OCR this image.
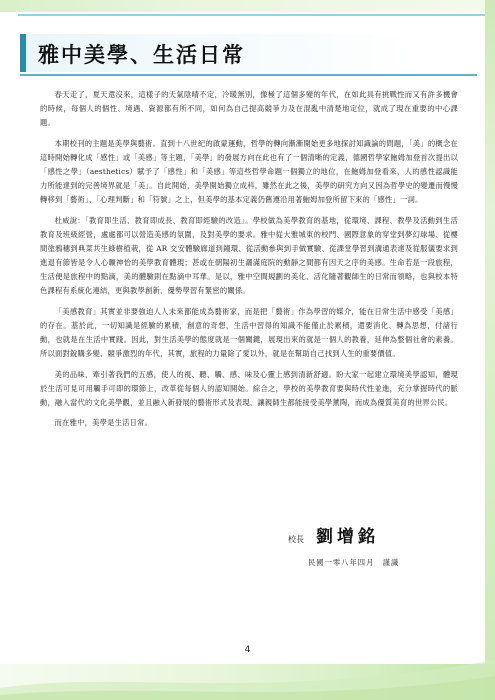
雅中美學、生活日常

春天走了，夏天還沒來，這樣子的天氣陰晴不定，冷暖無別，像極了這個多變的年代，在如此具有挑戰性而又有許多機會的時候，每個人的個性、境遇、資源都有所不同，如何為自己提高競爭力及在混亂中清楚地定位，就成了現在重要的中心課題。

本期校刊的主題是美學與藝術。直到十八世紀的啟蒙運動，哲學的轉向漸漸開始更多地探討知識論的問題，「美」的概念在這時開始轉化成「感性」或「美感」等主題，「美學」的發展方向在此也有了一個清晰的定義，德國哲學家鮑姆加登首次提出以「感性之學」（aesthetics）賦予了「感性」和「美感」等這些哲學命題一個獨立的地位，在鮑姆加登看來，人的感性認識能力所能達到的完善境界就是「美」。自此開始，美學開始獨立成科，雖然在此之後，美學的研究方向又因為哲學史的變遷而慢慢轉移到「藝術」、「心理判斷」和「符號」之上，但美學的基本定義仍舊遵沿用著鮑姆加登所留下來的「感性」一詞。

杜威說：「教育即生活、教育即成長、教育即經驗的改造」。學校做為美學教育的基地，從環境、課程、教學及活動到生活教育及班級經營，處處都可以營造美感的氛圍，及對美學的要求。雅中從大雅城東的校門、國際意象的穿堂到夢幻球場、從樓間塗鴉穗到典菜共生綠樹植栽，從 AR 交安體驗廊道到鐘環、從活動參與到手做實驗、從課堂學習到溝通表達及從服儀要求到進退有節皆是令人心曠神怡的美學教育體現；甚或在朝陽初生灑滿庭院的動靜之間都有因天之序的美感。生命若是一段旅程，生活便是旅程中的點滴，美的體驗則在點滴中耳華。是以，雅中空間規劃的美化、活化隨著觀師生的日常而領略，也與校本特色課程有系統化連結，更與教學創新、優勢學習有緊密的關係。

「美感教育」其實並非要強迫人人未來都能成為藝術家，而是把「藝術」作為學習的媒介，能在日常生活中感受「美感」的存在。基於此，一切知識是經驗的累積，創意的奇想，生活中習得的知識不能僅止於累積，還要消化、轉為思想，付諸行動，也就是在生活中實踐。因此，對生活美學的態度就是一個關鍵，展現出來的就是一個人的教養，延伸為整個社會的素養。所以面對銳購多變、競爭激烈的年代，其實，旅程的力量除了愛以外，就是在幫助自己找到人生的重要價值。

美的品味，牽引著我們的五感，使人的視、聽、觸、感、味及心靈上感到清新舒適。盼大家一起建立環境美學認知，體現於生活可見可用觸手可即的環節上，改革從每個人的認知開始。綜合之，學校的美學教育要與時代性並進，充分掌握時代的脈動，融入當代的文化美學觀，並且融入新發展的藝術形式及表現，讓親師生都能接受美學薰陶，而成為優質美育的世界公民。

而在雅中，美學是生活日常。

校長 劉增銘
民國一零八年四月　謹識
4
